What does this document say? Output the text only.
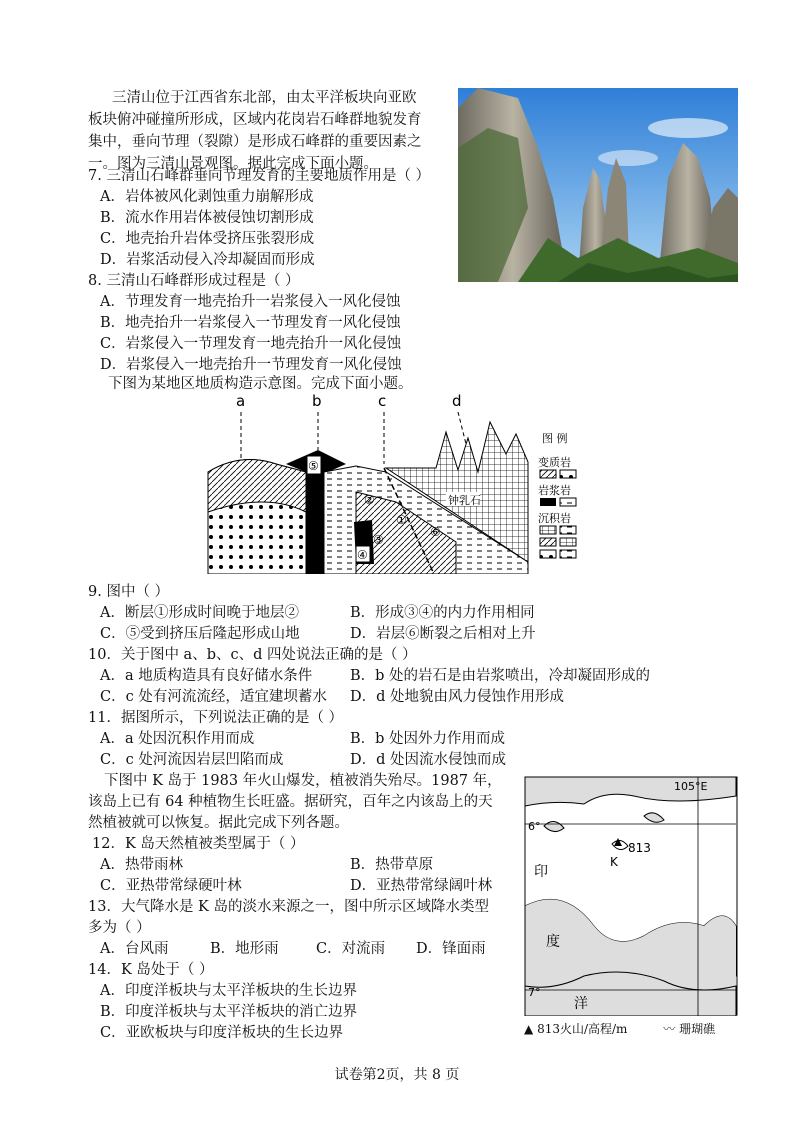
三清山位于江西省东北部，由太平洋板块向亚欧
板块俯冲碰撞所形成，区域内花岗岩石峰群地貌发育
集中，垂向节理（裂隙）是形成石峰群的重要因素之
一。图为三清山景观图。据此完成下面小题。
7. 三清山石峰群垂向节理发育的主要地质作用是（ ）
A．岩体被风化剥蚀重力崩解形成
B．流水作用岩体被侵蚀切割形成
C．地壳抬升岩体受挤压张裂形成
D．岩浆活动侵入冷却凝固而形成
8. 三清山石峰群形成过程是（ ）
A．节理发育一地壳抬升一岩浆侵入一风化侵蚀
B．地壳抬升一岩浆侵入一节理发育一风化侵蚀
C．岩浆侵入一节理发育一地壳抬升一风化侵蚀
D．岩浆侵入一地壳抬升一节理发育一风化侵蚀
下图为某地区地质构造示意图。完成下面小题。
a	b	c	d
⑤
④
③
②
①
⑥
钟乳石
图 例
变质岩
岩浆岩
沉积岩
9. 图中（ ）
A．断层①形成时间晚于地层②	B．形成③④的内力作用相同
C．⑤受到挤压后隆起形成山地	D．岩层⑥断裂之后相对上升
10．关于图中 a、b、c、d 四处说法正确的是（ ）
A．a 地质构造具有良好储水条件	B．b 处的岩石是由岩浆喷出，冷却凝固形成的
C．c 处有河流流经，适宜建坝蓄水 D．d 处地貌由风力侵蚀作用形成
11．据图所示，下列说法正确的是（ ）
A．a 处因沉积作用而成	B．b 处因外力作用而成
C．c 处河流因岩层凹陷而成	D．d 处因流水侵蚀而成
下图中 K 岛于 1983 年火山爆发，植被消失殆尽。1987 年，
该岛上已有 64 种植物生长旺盛。据研究，百年之内该岛上的天
然植被就可以恢复。据此完成下列各题。
12．K 岛天然植被类型属于（ ）
A．热带雨林	B．热带草原
C．亚热带常绿硬叶林	D．亚热带常绿阔叶林
13．大气降水是 K 岛的淡水来源之一，图中所示区域降水类型
多为（ ）
A．台风雨	B．地形雨	C．对流雨 D．锋面雨
14．K 岛处于（ ）
A．印度洋板块与太平洋板块的生长边界
B．印度洋板块与太平洋板块的消亡边界
C．亚欧板块与印度洋板块的生长边界
105°E
6°
7°
813
K
印
度
洋
▲ 813火山/高程/m	〰 珊瑚礁
试卷第2页，共 8 页
